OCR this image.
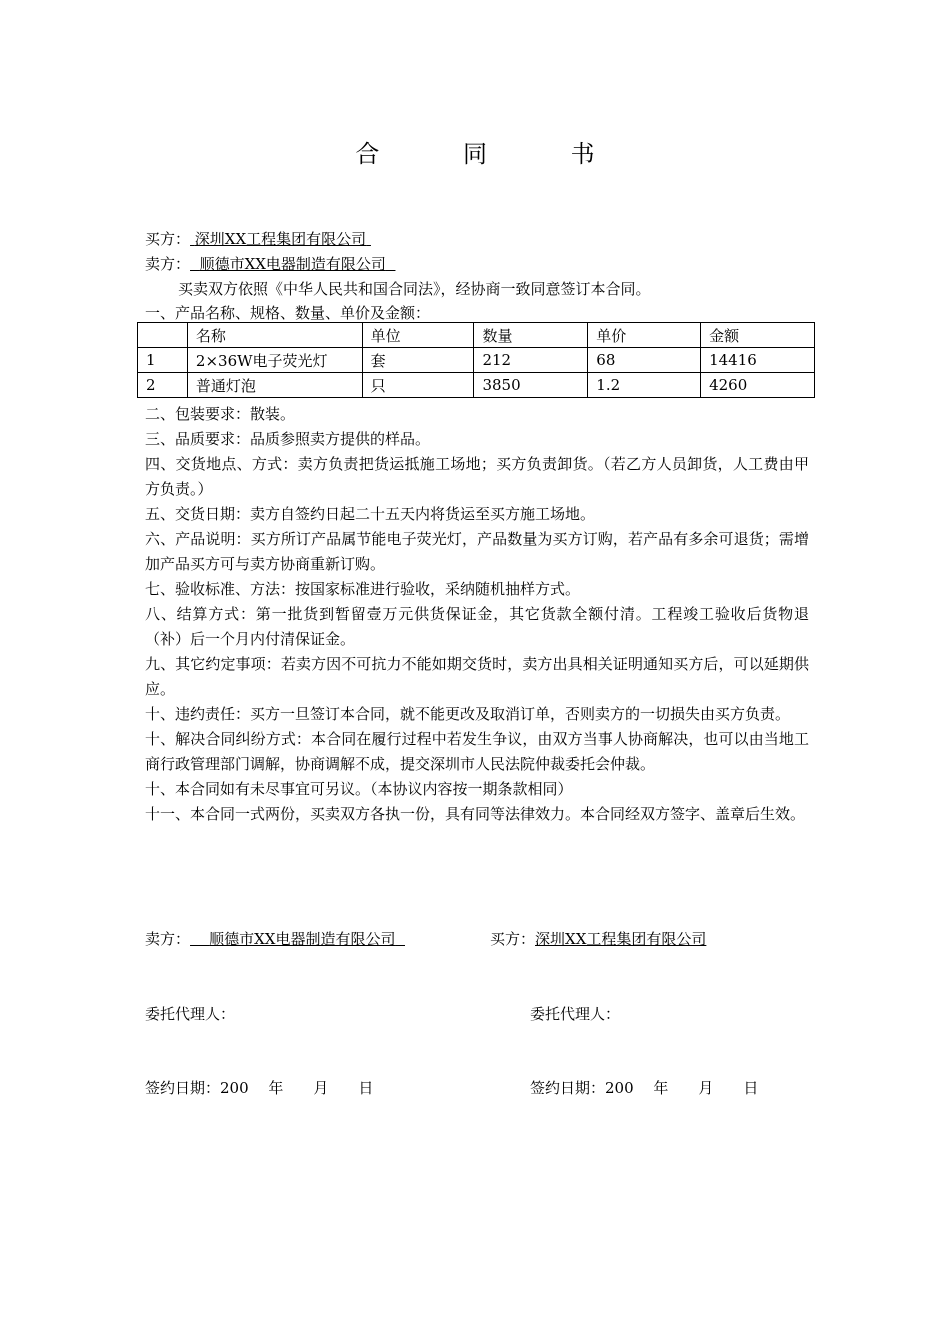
合 同 书
买方： 深圳XX工程集团有限公司
卖方： 顺德市XX电器制造有限公司
买卖双方依照《中华人民共和国合同法》，经协商一致同意签订本合同。
一、产品名称、规格、数量、单价及金额：
	名称	单位	数量	单价	金额
1	2×36W电子荧光灯	套	212	68	14416
2	普通灯泡	只	3850	1.2	4260

二、包装要求：散装。

三、品质要求：品质参照卖方提供的样品。

四、交货地点、方式：卖方负责把货运抵施工场地；买方负责卸货。（若乙方人员卸货，人工费由甲方负责。）

五、交货日期：卖方自签约日起二十五天内将货运至买方施工场地。

六、产品说明：买方所订产品属节能电子荧光灯，产品数量为买方订购，若产品有多余可退货；需增加产品买方可与卖方协商重新订购。

七、验收标准、方法：按国家标准进行验收，采纳随机抽样方式。

八、结算方式：第一批货到暂留壹万元供货保证金，其它货款全额付清。工程竣工验收后货物退（补）后一个月内付清保证金。

九、其它约定事项：若卖方因不可抗力不能如期交货时，卖方出具相关证明通知买方后，可以延期供应。

十、违约责任：买方一旦签订本合同，就不能更改及取消订单，否则卖方的一切损失由买方负责。

十、解决合同纠纷方式：本合同在履行过程中若发生争议，由双方当事人协商解决，也可以由当地工商行政管理部门调解，协商调解不成，提交深圳市人民法院仲裁委托会仲裁。

十、本合同如有未尽事宜可另议。（本协议内容按一期条款相同）

十一、本合同一式两份，买卖双方各执一份，具有同等法律效力。本合同经双方签字、盖章后生效。

卖方： 顺德市XX电器制造有限公司	买方：深圳XX工程集团有限公司
委托代理人：	委托代理人：
签约日期：200　 年　　月　　日	签约日期：200　 年　　月　　日
